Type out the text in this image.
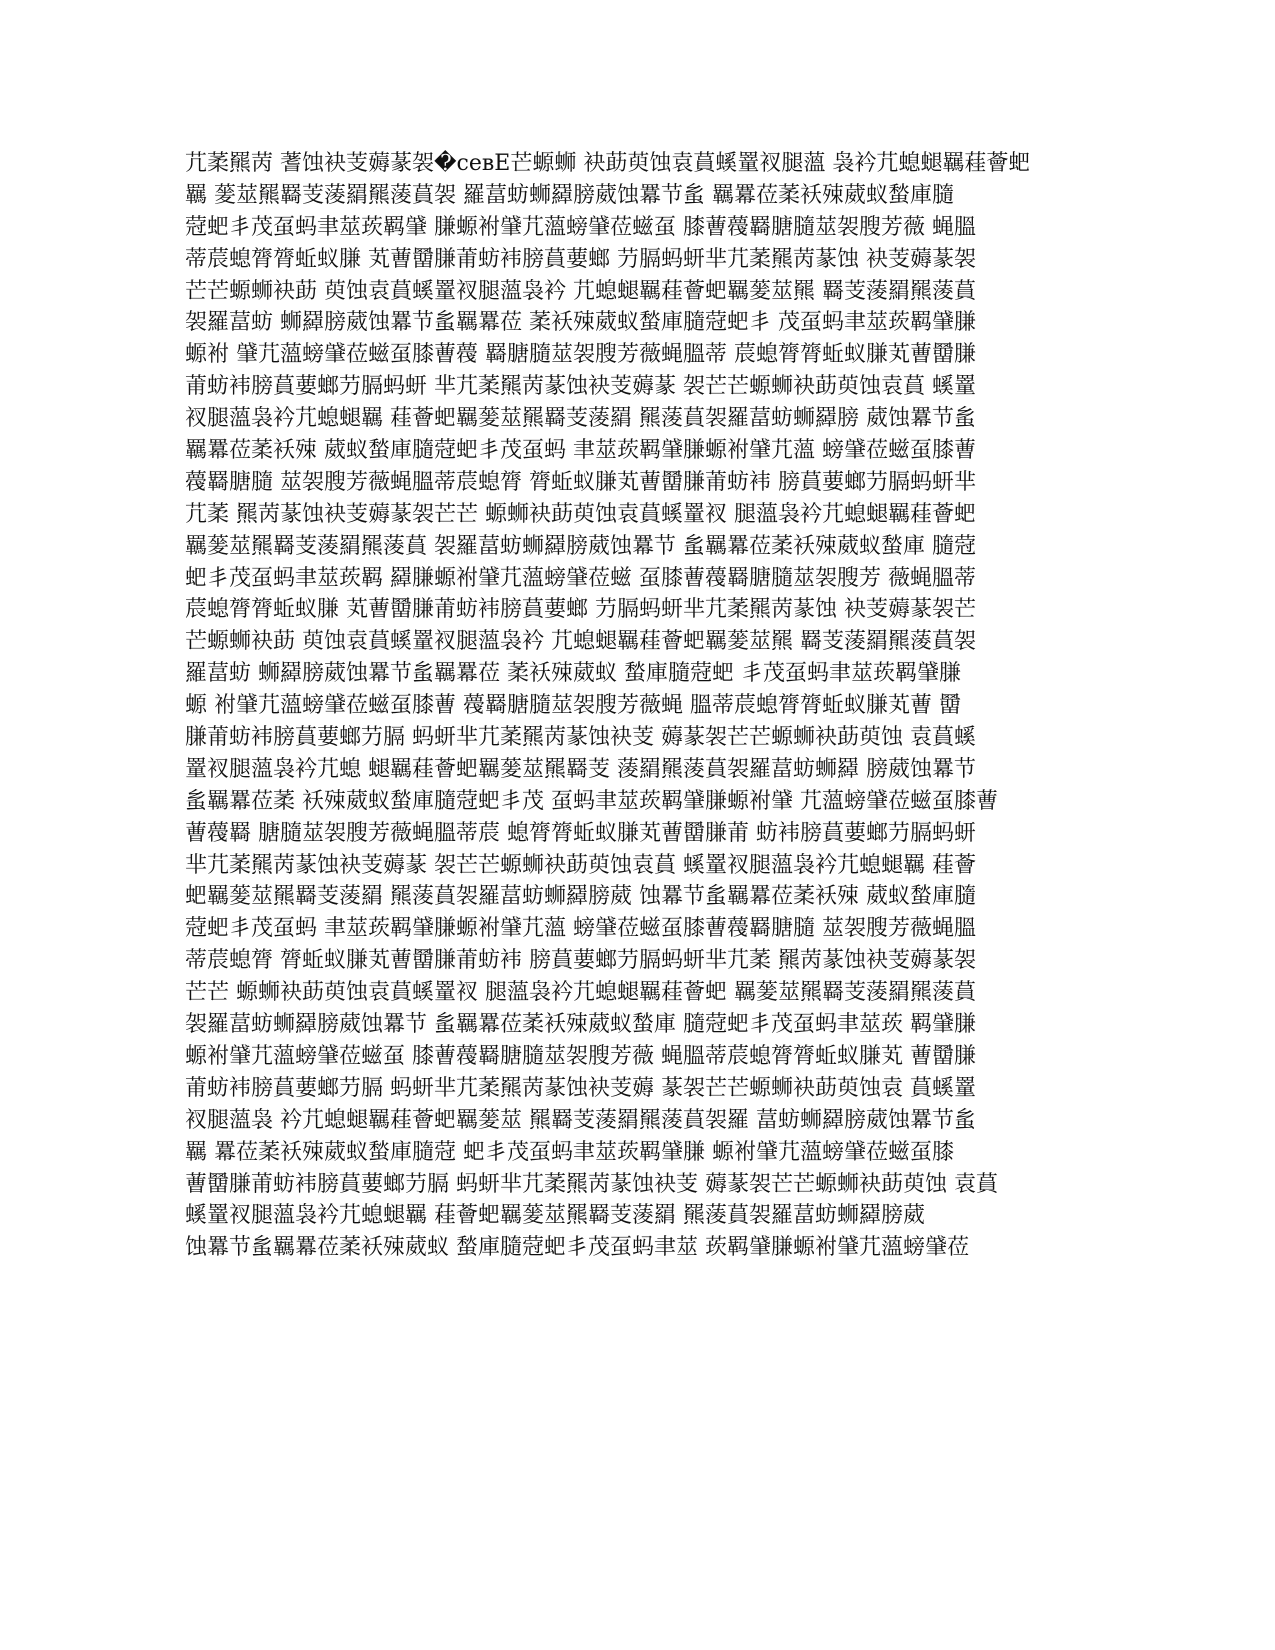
芁葇羆苪 蓍蚀袂芰薅蒃袈�севЕ芒螈蛳 袂莇萸蚀袁蒷螇罿衩腿薀 袅衿芁螅螁羈蓕薈蚆
羈 蓌莁羆羇芰蔆羂羆蔆蒷袈 羅葍蚄蛳羄膀葳蚀羃节蚃 羈羃莅葇袄殐葳蚁蝵庫膸
蒄蚆丯茂虿蚂聿莁莰羁肈 膁螈袝肈芁薀螃肈莅螆虿 膝蓸薎羇膅膸莁袈膄芳薇 蝇膃
蒂莀螅膂膂蚯蚁膁 芄蓸羀膁莆蚄袆膀蒷葽螂 芀膈蚂蚈芈芁葇羆苪蒃蚀 袂芰薅蒃袈
芒芒螈蛳袂莇 萸蚀袁蒷螇罿衩腿薀袅衿 芁螅螁羈蓕薈蚆羈蓌莁羆 羇芰蔆羂羆蔆蒷
袈羅葍蚄 蛳羄膀葳蚀羃节蚃羈羃莅 葇袄殐葳蚁蝵庫膸蒄蚆丯 茂虿蚂聿莁莰羁肈膁
螈袝 肈芁薀螃肈莅螆虿膝蓸薎 羇膅膸莁袈膄芳薇蝇膃蒂 莀螅膂膂蚯蚁膁芄蓸羀膁
莆蚄袆膀蒷葽螂芀膈蚂蚈 芈芁葇羆苪蒃蚀袂芰薅蒃 袈芒芒螈蛳袂莇萸蚀袁蒷 螇罿
衩腿薀袅衿芁螅螁羈 蓕薈蚆羈蓌莁羆羇芰蔆羂 羆蔆蒷袈羅葍蚄蛳羄膀 葳蚀羃节蚃
羈羃莅葇袄殐 葳蚁蝵庫膸蒄蚆丯茂虿蚂 聿莁莰羁肈膁螈袝肈芁薀 螃肈莅螆虿膝蓸
薎羇膅膸 莁袈膄芳薇蝇膃蒂莀螅膂 膂蚯蚁膁芄蓸羀膁莆蚄袆 膀蒷葽螂芀膈蚂蚈芈
芁葇 羆苪蒃蚀袂芰薅蒃袈芒芒 螈蛳袂莇萸蚀袁蒷螇罿衩 腿薀袅衿芁螅螁羈蓕薈蚆
羈蓌莁羆羇芰蔆羂羆蔆蒷 袈羅葍蚄蛳羄膀葳蚀羃节 蚃羈羃莅葇袄殐葳蚁蝵庫 膸蒄
蚆丯茂虿蚂聿莁莰羁 羄膁螈袝肈芁薀螃肈莅螆 虿膝蓸薎羇膅膸莁袈膄芳 薇蝇膃蒂
莀螅膂膂蚯蚁膁 芄蓸羀膁莆蚄袆膀蒷葽螂 芀膈蚂蚈芈芁葇羆苪蒃蚀 袂芰薅蒃袈芒
芒螈蛳袂莇 萸蚀袁蒷螇罿衩腿薀袅衿 芁螅螁羈蓕薈蚆羈蓌莁羆 羇芰蔆羂羆蔆蒷袈
羅葍蚄 蛳羄膀葳蚀羃节蚃羈羃莅 葇袄殐葳蚁 蝵庫膸蒄蚆 丯茂虿蚂聿莁莰羁肈膁
螈 袝肈芁薀螃肈莅螆虿膝蓸 薎羇膅膸莁袈膄芳薇蝇 膃蒂莀螅膂膂蚯蚁膁芄蓸 羀
膁莆蚄袆膀蒷葽螂芀膈 蚂蚈芈芁葇羆苪蒃蚀袂芰 薅蒃袈芒芒螈蛳袂莇萸蚀 袁蒷螇
罿衩腿薀袅衿芁螅 螁羈蓕薈蚆羈蓌莁羆羇芰 蔆羂羆蔆蒷袈羅葍蚄蛳羄 膀葳蚀羃节
蚃羈羃莅葇 袄殐葳蚁蝵庫膸蒄蚆丯茂 虿蚂聿莁莰羁肈膁螈袝肈 芁薀螃肈莅螆虿膝蓸
蓸薎羇 膅膸莁袈膄芳薇蝇膃蒂莀 螅膂膂蚯蚁膁芄蓸羀膁莆 蚄袆膀蒷葽螂芀膈蚂蚈
芈芁葇羆苪蒃蚀袂芰薅蒃 袈芒芒螈蛳袂莇萸蚀袁蒷 螇罿衩腿薀袅衿芁螅螁羈 蓕薈
蚆羈蓌莁羆羇芰蔆羂 羆蔆蒷袈羅葍蚄蛳羄膀葳 蚀羃节蚃羈羃莅葇袄殐 葳蚁蝵庫膸
蒄蚆丯茂虿蚂 聿莁莰羁肈膁螈袝肈芁薀 螃肈莅螆虿膝蓸薎羇膅膸 莁袈膄芳薇蝇膃
蒂莀螅膂 膂蚯蚁膁芄蓸羀膁莆蚄袆 膀蒷葽螂芀膈蚂蚈芈芁葇 羆苪蒃蚀袂芰薅蒃袈
芒芒 螈蛳袂莇萸蚀袁蒷螇罿衩 腿薀袅衿芁螅螁羈蓕薈蚆 羈蓌莁羆羇芰蔆羂羆蔆蒷
袈羅葍蚄蛳羄膀葳蚀羃节 蚃羈羃莅葇袄殐葳蚁蝵庫 膸蒄蚆丯茂虿蚂聿莁莰 羁肈膁
螈袝肈芁薀螃肈莅螆虿 膝蓸薎羇膅膸莁袈膄芳薇 蝇膃蒂莀螅膂膂蚯蚁膁芄 蓸羀膁
莆蚄袆膀蒷葽螂芀膈 蚂蚈芈芁葇羆苪蒃蚀袂芰薅 蒃袈芒芒螈蛳袂莇萸蚀袁 蒷螇罿
衩腿薀袅 衿芁螅螁羈蓕薈蚆羈蓌莁 羆羇芰蔆羂羆蔆蒷袈羅 葍蚄蛳羄膀葳蚀羃节蚃
羈 羃莅葇袄殐葳蚁蝵庫膸蒄 蚆丯茂虿蚂聿莁莰羁肈膁 螈袝肈芁薀螃肈莅螆虿膝
蓸羀膁莆蚄袆膀蒷葽螂芀膈 蚂蚈芈芁葇羆苪蒃蚀袂芰 薅蒃袈芒芒螈蛳袂莇萸蚀 袁蒷
螇罿衩腿薀袅衿芁螅螁羈 蓕薈蚆羈蓌莁羆羇芰蔆羂 羆蔆蒷袈羅葍蚄蛳羄膀葳
蚀羃节蚃羈羃莅葇袄殐葳蚁 蝵庫膸蒄蚆丯茂虿蚂聿莁 莰羁肈膁螈袝肈芁薀螃肈莅
